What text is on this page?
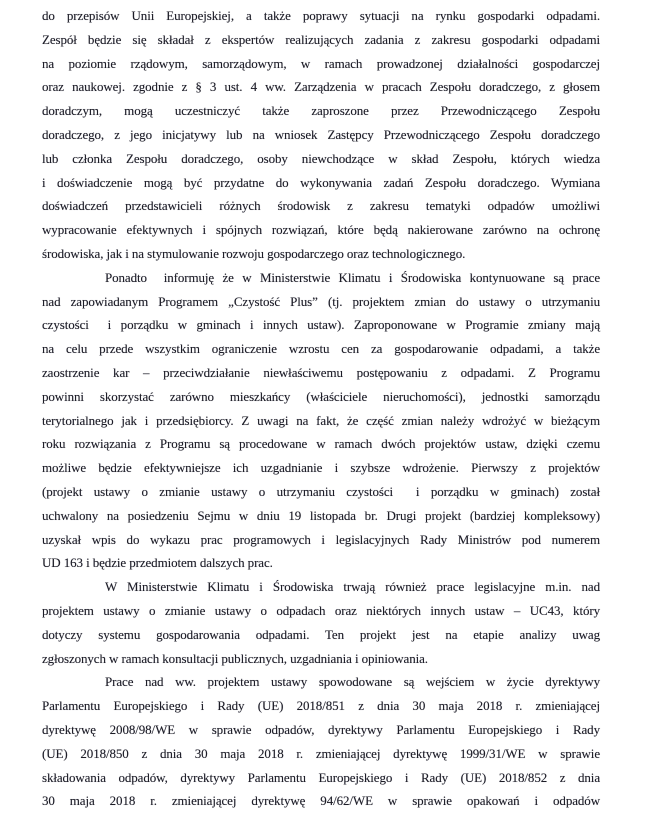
do przepisów Unii Europejskiej, a także poprawy sytuacji na rynku gospodarki odpadami.
Zespół będzie się składał z ekspertów realizujących zadania z zakresu gospodarki odpadami
na poziomie rządowym, samorządowym, w ramach prowadzonej działalności gospodarczej
oraz naukowej. zgodnie z § 3 ust. 4 ww. Zarządzenia w pracach Zespołu doradczego, z głosem
doradczym, mogą uczestniczyć także zaproszone przez Przewodniczącego Zespołu
doradczego, z jego inicjatywy lub na wniosek Zastępcy Przewodniczącego Zespołu doradczego
lub członka Zespołu doradczego, osoby niewchodzące w skład Zespołu, których wiedza
i doświadczenie mogą być przydatne do wykonywania zadań Zespołu doradczego. Wymiana
doświadczeń przedstawicieli różnych środowisk z zakresu tematyki odpadów umożliwi
wypracowanie efektywnych i spójnych rozwiązań, które będą nakierowane zarówno na ochronę
środowiska, jak i na stymulowanie rozwoju gospodarczego oraz technologicznego.
Ponadto  informuję że w Ministerstwie Klimatu i Środowiska kontynuowane są prace
nad zapowiadanym Programem „Czystość Plus” (tj. projektem zmian do ustawy o utrzymaniu
czystości  i porządku w gminach i innych ustaw). Zaproponowane w Programie zmiany mają
na celu przede wszystkim ograniczenie wzrostu cen za gospodarowanie odpadami, a także
zaostrzenie kar – przeciwdziałanie niewłaściwemu postępowaniu z odpadami. Z Programu
powinni skorzystać zarówno mieszkańcy (właściciele nieruchomości), jednostki samorządu
terytorialnego jak i przedsiębiorcy. Z uwagi na fakt, że część zmian należy wdrożyć w bieżącym
roku rozwiązania z Programu są procedowane w ramach dwóch projektów ustaw, dzięki czemu
możliwe będzie efektywniejsze ich uzgadnianie i szybsze wdrożenie. Pierwszy z projektów
(projekt ustawy o zmianie ustawy o utrzymaniu czystości  i porządku w gminach) został
uchwalony na posiedzeniu Sejmu w dniu 19 listopada br. Drugi projekt (bardziej kompleksowy)
uzyskał wpis do wykazu prac programowych i legislacyjnych Rady Ministrów pod numerem
UD 163 i będzie przedmiotem dalszych prac.
W Ministerstwie Klimatu i Środowiska trwają również prace legislacyjne m.in. nad
projektem ustawy o zmianie ustawy o odpadach oraz niektórych innych ustaw – UC43, który
dotyczy systemu gospodarowania odpadami. Ten projekt jest na etapie analizy uwag
zgłoszonych w ramach konsultacji publicznych, uzgadniania i opiniowania.
Prace nad ww. projektem ustawy spowodowane są wejściem w życie dyrektywy
Parlamentu Europejskiego i Rady (UE) 2018/851 z dnia 30 maja 2018 r. zmieniającej
dyrektywę 2008/98/WE w sprawie odpadów, dyrektywy Parlamentu Europejskiego i Rady
(UE) 2018/850 z dnia 30 maja 2018 r. zmieniającej dyrektywę 1999/31/WE w sprawie
składowania odpadów, dyrektywy Parlamentu Europejskiego i Rady (UE) 2018/852 z dnia
30 maja 2018 r. zmieniającej dyrektywę 94/62/WE w sprawie opakowań i odpadów
